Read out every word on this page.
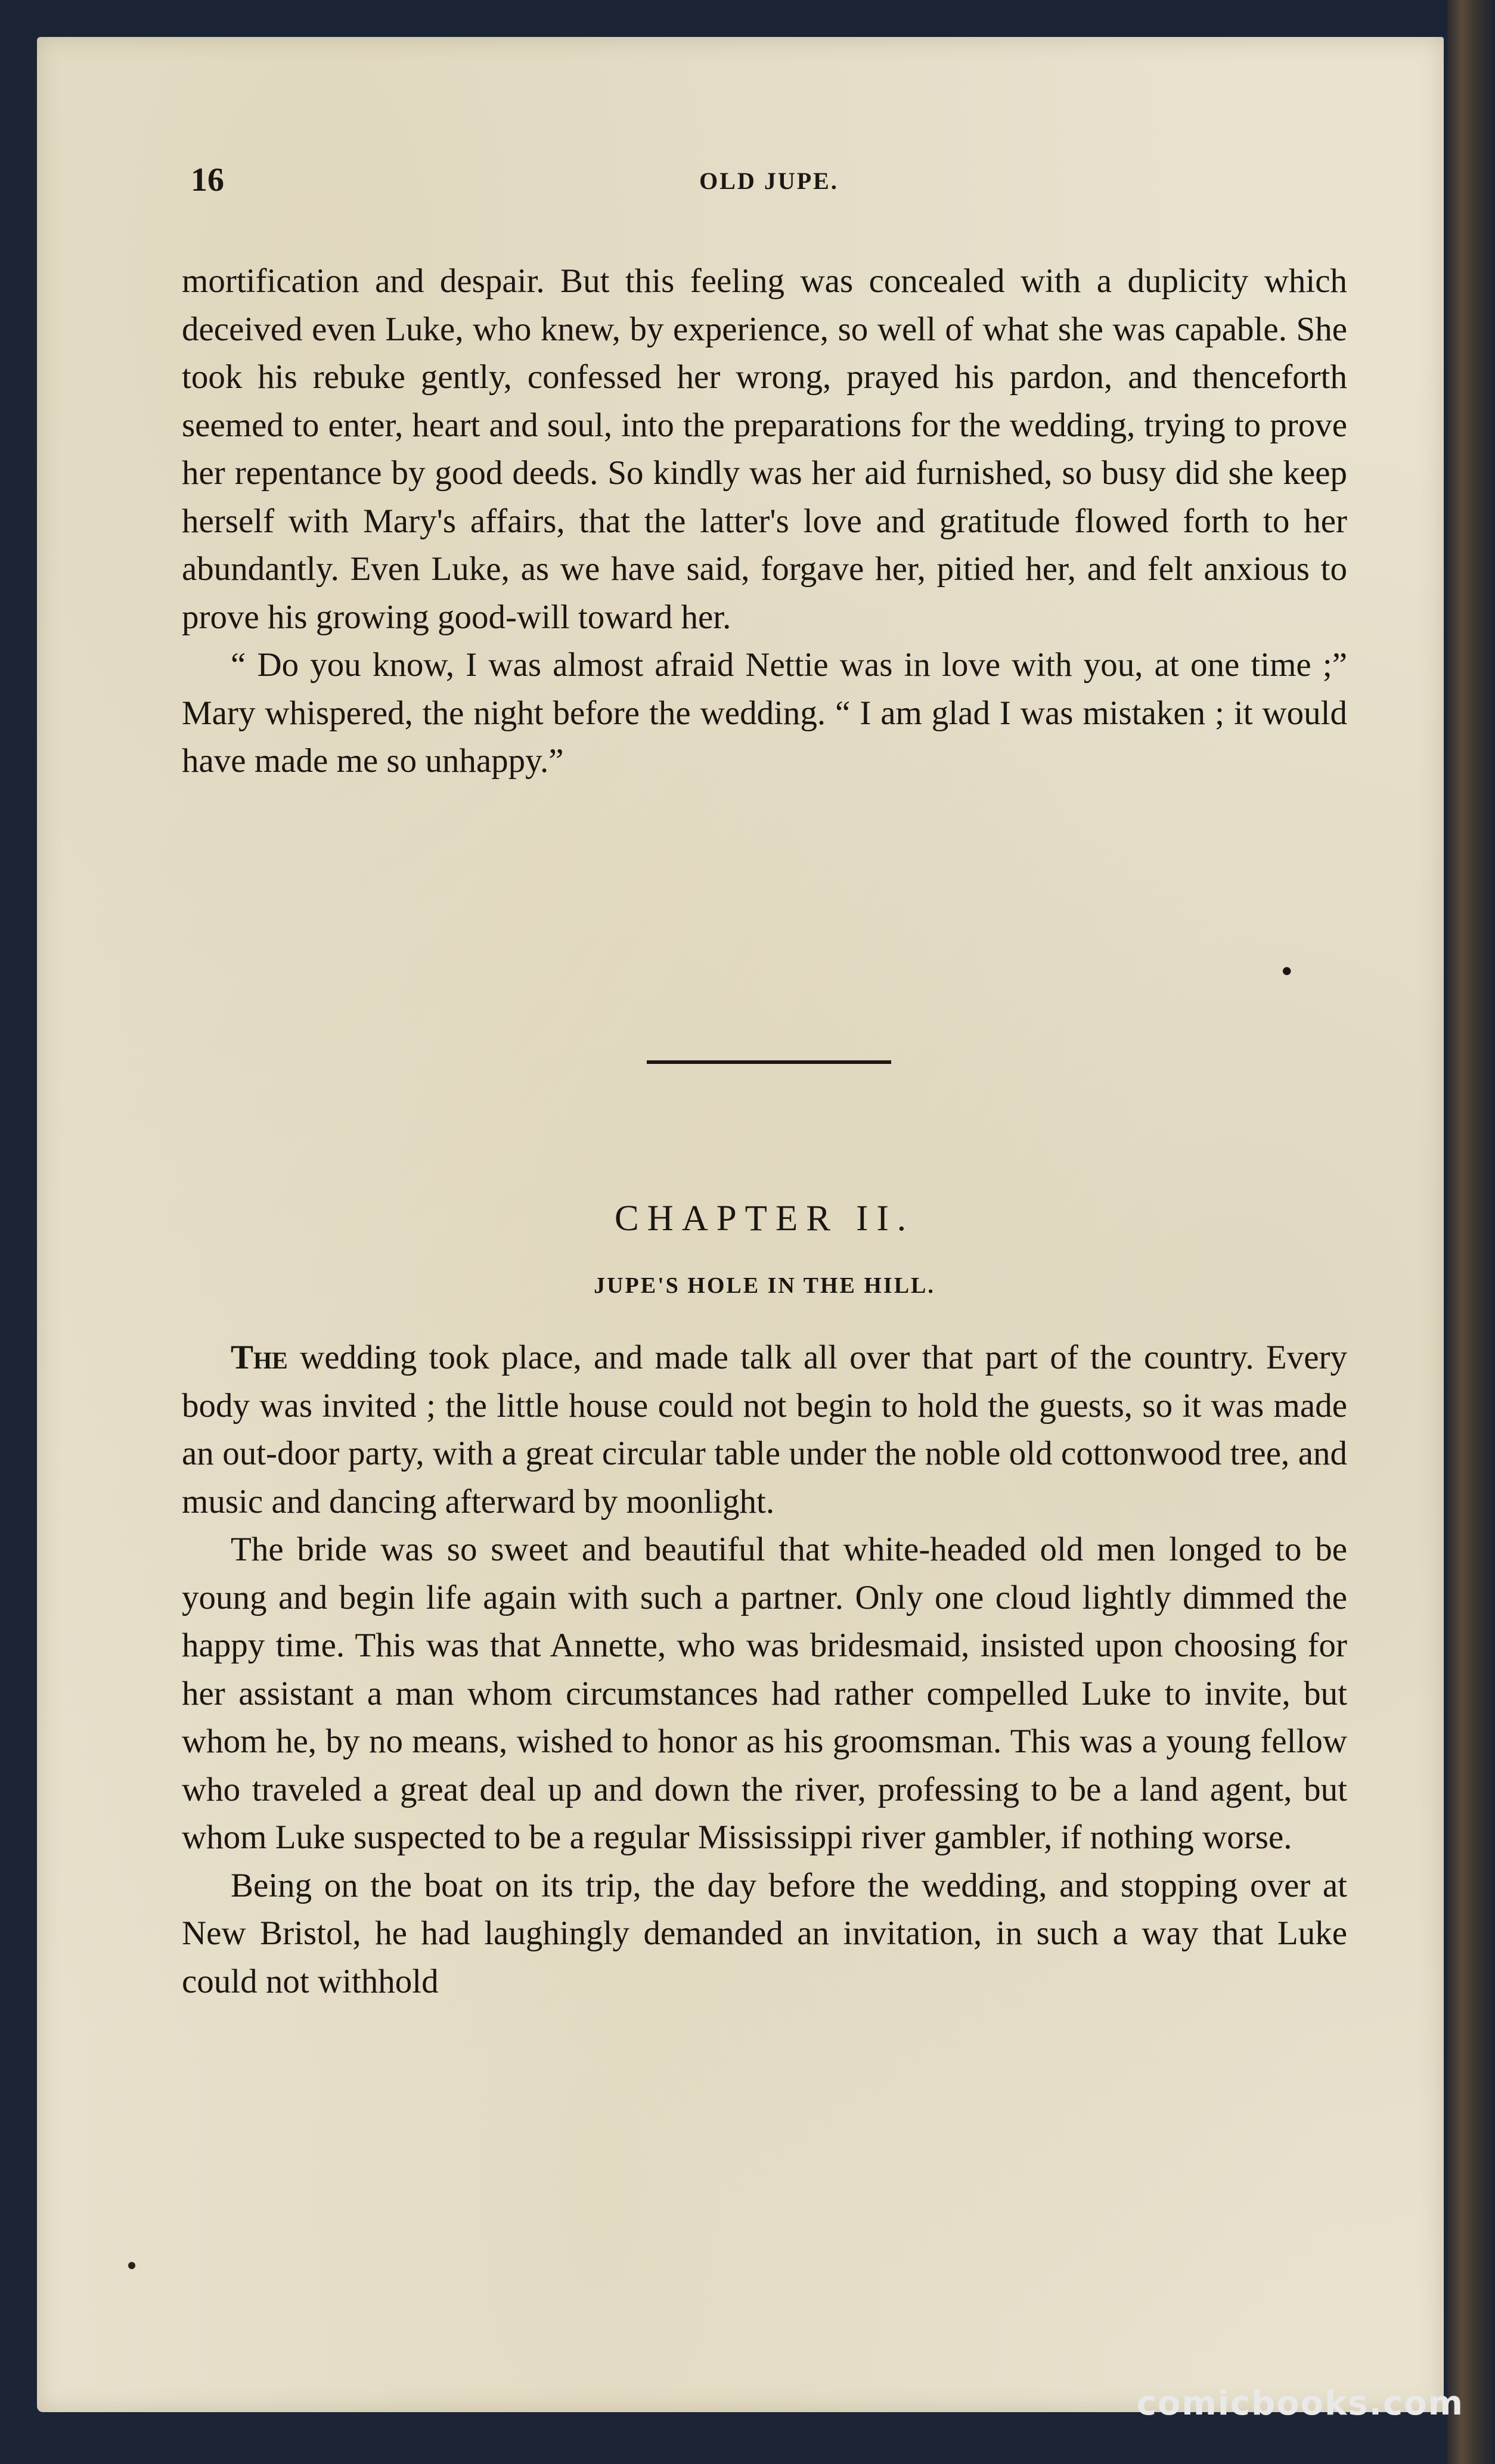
16	OLD JUPE.

mortification and despair. But this feeling was concealed with a duplicity which deceived even Luke, who knew, by experience, so well of what she was capable. She took his rebuke gently, confessed her wrong, prayed his pardon, and thenceforth seemed to enter, heart and soul, into the preparations for the wedding, trying to prove her repentance by good deeds. So kindly was her aid furnished, so busy did she keep herself with Mary's affairs, that the latter's love and gratitude flowed forth to her abundantly. Even Luke, as we have said, forgave her, pitied her, and felt anxious to prove his growing good-will toward her.

“ Do you know, I was almost afraid Nettie was in love with you, at one time ;” Mary whispered, the night before the wedding. “ I am glad I was mistaken ; it would have made me so unhappy.”

•
CHAPTER II.
JUPE'S HOLE IN THE HILL.

The wedding took place, and made talk all over that part of the country. Every body was invited ; the little house could not begin to hold the guests, so it was made an out-door party, with a great circular table under the noble old cottonwood tree, and music and dancing afterward by moonlight.

The bride was so sweet and beautiful that white-headed old men longed to be young and begin life again with such a partner. Only one cloud lightly dimmed the happy time. This was that Annette, who was bridesmaid, insisted upon choosing for her assistant a man whom circumstances had rather compelled Luke to invite, but whom he, by no means, wished to honor as his groomsman. This was a young fellow who traveled a great deal up and down the river, professing to be a land agent, but whom Luke suspected to be a regular Mississippi river gambler, if nothing worse.

Being on the boat on its trip, the day before the wedding, and stopping over at New Bristol, he had laughingly demanded an invitation, in such a way that Luke could not withhold

comicbooks.com
